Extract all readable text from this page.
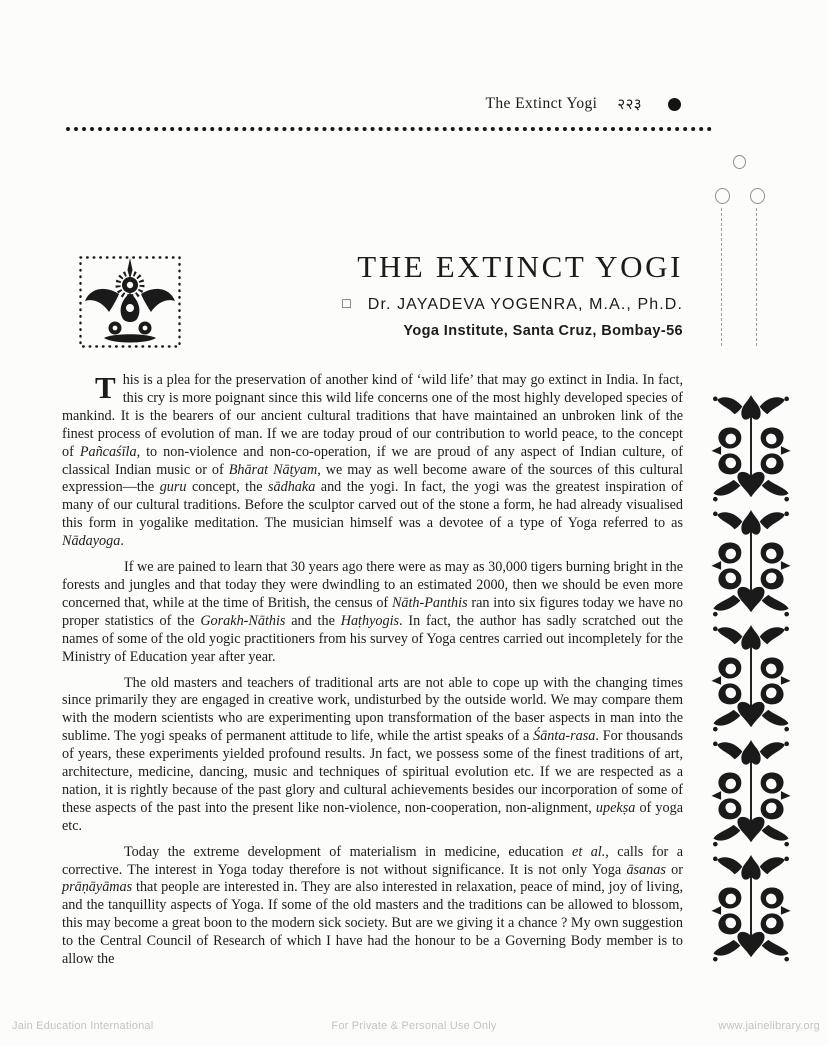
The Extinct Yogi २२३
THE EXTINCT YOGI
□ Dr. JAYADEVA YOGENRA, M.A., Ph.D.
Yoga Institute, Santa Cruz, Bombay-56

This is a plea for the preservation of another kind of ‘wild life’ that may go extinct in India. In fact, this cry is more poignant since this wild life concerns one of the most highly developed species of mankind. It is the bearers of our ancient cultural traditions that have maintained an unbroken link of the finest process of evolution of man. If we are today proud of our contribution to world peace, to the concept of Pañcaśīla, to non-violence and non-co-operation, if we are proud of any aspect of Indian culture, of classical Indian music or of Bhārat Nāṭyam, we may as well become aware of the sources of this cultural expression—the guru concept, the sādhaka and the yogi. In fact, the yogi was the greatest inspiration of many of our cultural traditions. Before the sculptor carved out of the stone a form, he had already visualised this form in yogalike meditation. The musician himself was a devotee of a type of Yoga referred to as Nādayoga.

If we are pained to learn that 30 years ago there were as may as 30,000 tigers burning bright in the forests and jungles and that today they were dwindling to an estimated 2000, then we should be even more concerned that, while at the time of British, the census of Nāth-Panthis ran into six figures today we have no proper statistics of the Gorakh-Nāthis and the Haṭhyogis. In fact, the author has sadly scratched out the names of some of the old yogic practitioners from his survey of Yoga centres carried out incompletely for the Ministry of Education year after year.

The old masters and teachers of traditional arts are not able to cope up with the changing times since primarily they are engaged in creative work, undisturbed by the outside world. We may compare them with the modern scientists who are experimenting upon transformation of the baser aspects in man into the sublime. The yogi speaks of permanent attitude to life, while the artist speaks of a Śānta-rasa. For thousands of years, these experiments yielded profound results. Jn fact, we possess some of the finest traditions of art, architecture, medicine, dancing, music and techniques of spiritual evolution etc. If we are respected as a nation, it is rightly because of the past glory and cultural achievements besides our incorporation of some of these aspects of the past into the present like non-violence, non-cooperation, non-alignment, upekṣa of yoga etc.

Today the extreme development of materialism in medicine, education et al., calls for a corrective. The interest in Yoga today therefore is not without significance. It is not only Yoga āsanas or prāṇāyāmas that people are interested in. They are also interested in relaxation, peace of mind, joy of living, and the tanquillity aspects of Yoga. If some of the old masters and the traditions can be allowed to blossom, this may become a great boon to the modern sick society. But are we giving it a chance ? My own suggestion to the Central Council of Research of which I have had the honour to be a Governing Body member is to allow the

Jain Education International	For Private & Personal Use Only	www.jainelibrary.org
